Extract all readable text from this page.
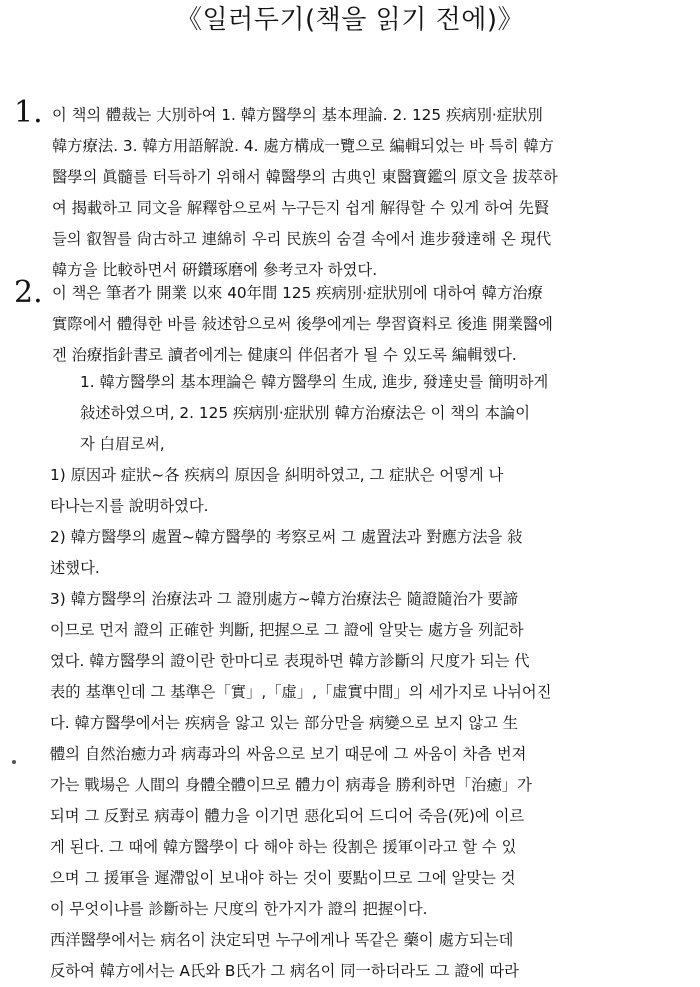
《일러두기(책을 읽기 전에)》
1. 이 책의 體裁는 大別하여 1. 韓方醫學의 基本理論. 2. 125 疾病別·症狀別
韓方療法. 3. 韓方用語解說. 4. 處方構成一覽으로 編輯되었는 바 특히 韓方
醫學의 眞髓를 터득하기 위해서 韓醫學의 古典인 東醫寶鑑의 原文을 拔萃하
여 揭載하고 同文을 解釋함으로써 누구든지 쉽게 解得할 수 있게 하여 先賢
들의 叡智를 尙古하고 連綿히 우리 民族의 숨결 속에서 進步發達해 온 現代
韓方을 比較하면서 硏鑽琢磨에 參考코자 하였다.
2. 이 책은 筆者가 開業 以來 40年間 125 疾病別·症狀別에 대하여 韓方治療
實際에서 體得한 바를 敍述함으로써 後學에게는 學習資料로 後進 開業醫에
겐 治療指針書로 讀者에게는 健康의 伴侶者가 될 수 있도록 編輯했다.
1. 韓方醫學의 基本理論은 韓方醫學의 生成, 進步, 發達史를 簡明하게
敍述하였으며, 2. 125 疾病別·症狀別 韓方治療法은 이 책의 本論이
자 白眉로써,
1) 原因과 症狀~各 疾病의 原因을 糾明하였고, 그 症狀은 어떻게 나
타나는지를 說明하였다.
2) 韓方醫學의 處置~韓方醫學的 考察로써 그 處置法과 對應方法을 敍
述했다.
3) 韓方醫學의 治療法과 그 證別處方~韓方治療法은 隨證隨治가 要諦
이므로 먼저 證의 正確한 判斷, 把握으로 그 證에 알맞는 處方을 列記하
였다. 韓方醫學의 證이란 한마디로 表現하면 韓方診斷의 尺度가 되는 代
表的 基準인데 그 基準은「實」,「虛」,「虛實中間」의 세가지로 나뉘어진
다. 韓方醫學에서는 疾病을 앓고 있는 部分만을 病變으로 보지 않고 生
體의 自然治癒力과 病毒과의 싸움으로 보기 때문에 그 싸움이 차츰 번져
가는 戰場은 人間의 身體全體이므로 體力이 病毒을 勝利하면「治癒」가
되며 그 反對로 病毒이 體力을 이기면 惡化되어 드디어 죽음(死)에 이르
게 된다. 그 때에 韓方醫學이 다 해야 하는 役割은 援軍이라고 할 수 있
으며 그 援軍을 遲滯없이 보내야 하는 것이 要點이므로 그에 알맞는 것
이 무엇이냐를 診斷하는 尺度의 한가지가 證의 把握이다.
西洋醫學에서는 病名이 決定되면 누구에게나 똑같은 藥이 處方되는데
反하여 韓方에서는 A氏와 B氏가 그 病名이 同一하더라도 그 證에 따라
